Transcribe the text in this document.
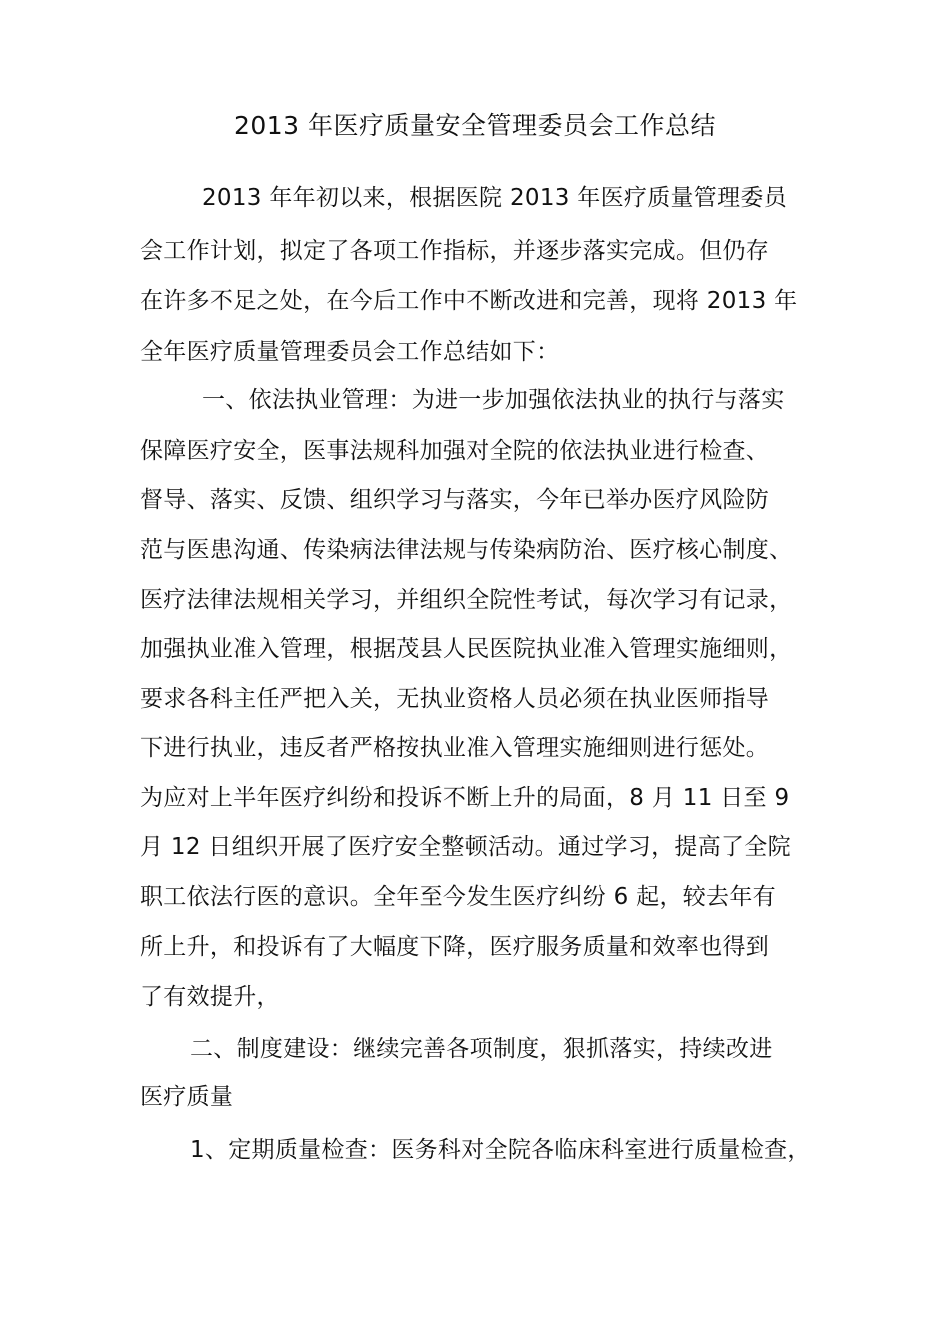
2013 年医疗质量安全管理委员会工作总结

2013 年年初以来，根据医院 2013 年医疗质量管理委员

会工作计划，拟定了各项工作指标，并逐步落实完成。但仍存

在许多不足之处，在今后工作中不断改进和完善，现将 2013 年

全年医疗质量管理委员会工作总结如下：

一、依法执业管理：为进一步加强依法执业的执行与落实

保障医疗安全，医事法规科加强对全院的依法执业进行检查、

督导、落实、反馈、组织学习与落实，今年已举办医疗风险防

范与医患沟通、传染病法律法规与传染病防治、医疗核心制度、

医疗法律法规相关学习，并组织全院性考试，每次学习有记录，

加强执业准入管理，根据茂县人民医院执业准入管理实施细则，

要求各科主任严把入关，无执业资格人员必须在执业医师指导

下进行执业，违反者严格按执业准入管理实施细则进行惩处。

为应对上半年医疗纠纷和投诉不断上升的局面，8 月 11 日至 9

月 12 日组织开展了医疗安全整顿活动。通过学习，提高了全院

职工依法行医的意识。全年至今发生医疗纠纷 6 起，较去年有

所上升，和投诉有了大幅度下降，医疗服务质量和效率也得到

了有效提升，

二、制度建设：继续完善各项制度，狠抓落实，持续改进

医疗质量

1、定期质量检查：医务科对全院各临床科室进行质量检查，
